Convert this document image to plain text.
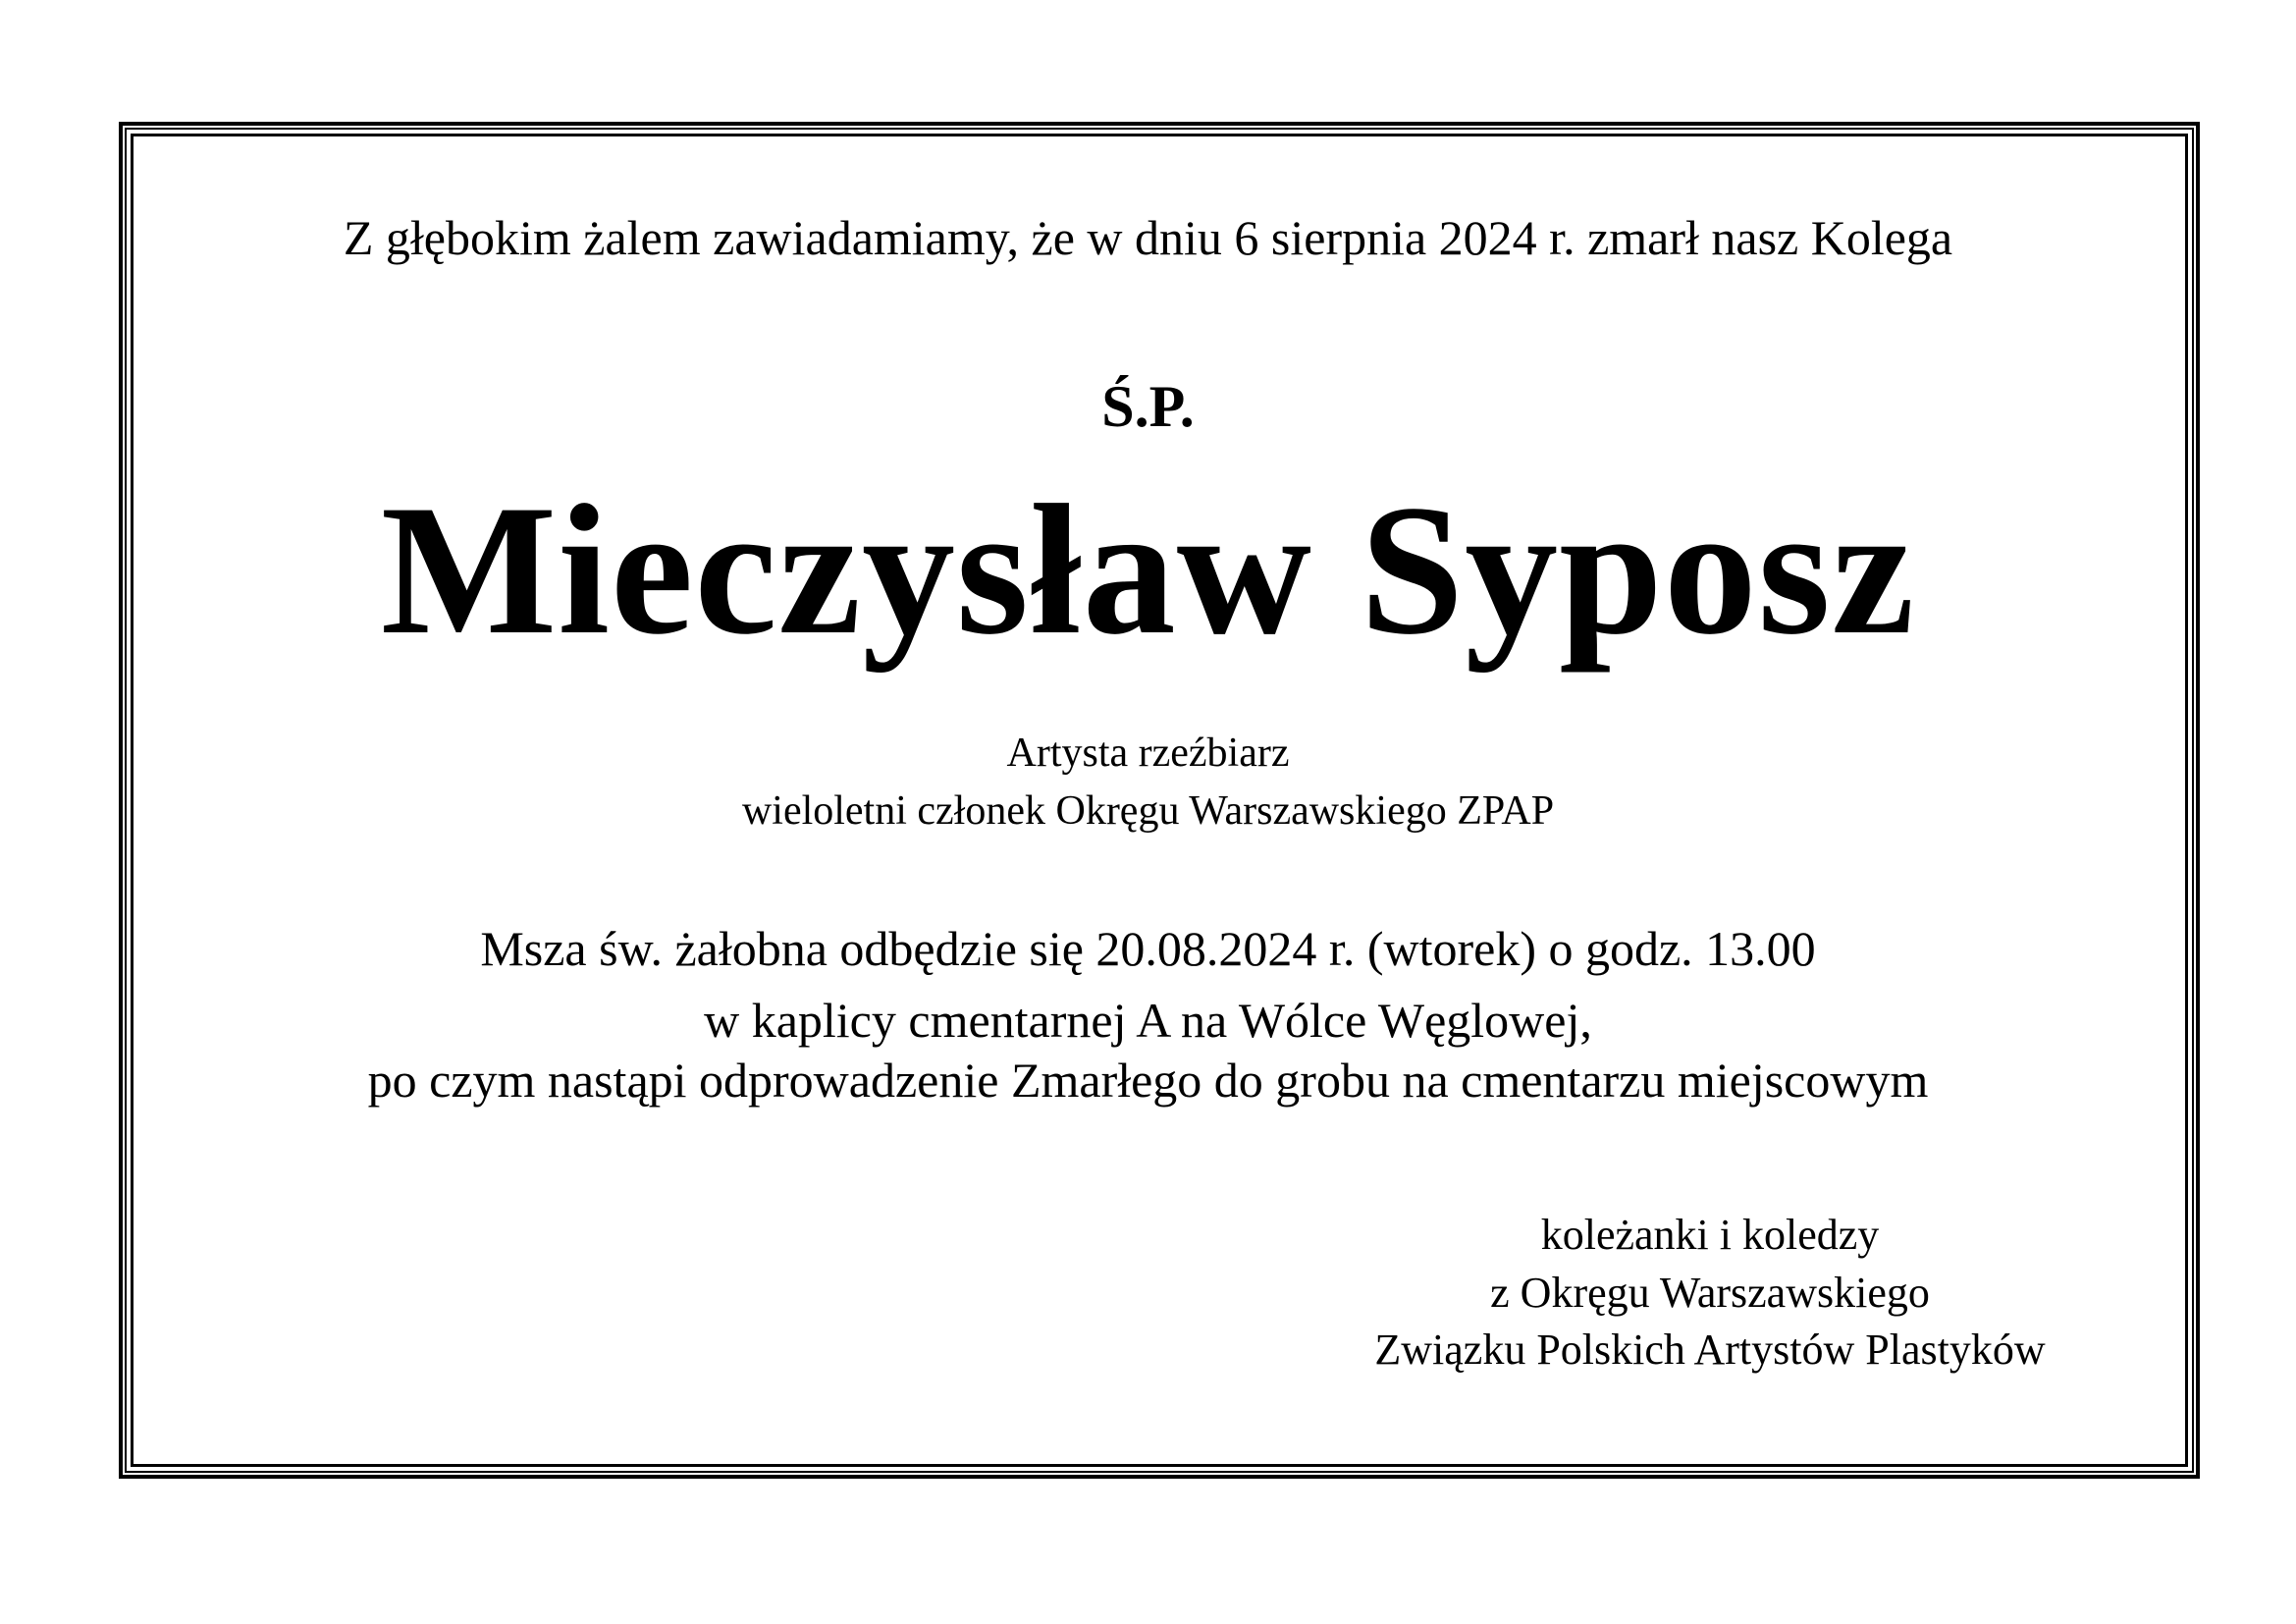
Z głębokim żalem zawiadamiamy, że w dniu 6 sierpnia 2024 r. zmarł nasz Kolega
Ś.P.
Mieczysław Syposz
Artysta rzeźbiarz
wieloletni członek Okręgu Warszawskiego ZPAP
Msza św. żałobna odbędzie się 20.08.2024 r. (wtorek) o godz. 13.00
w kaplicy cmentarnej A na Wólce Węglowej,
po czym nastąpi odprowadzenie Zmarłego do grobu na cmentarzu miejscowym
koleżanki i koledzy
z Okręgu Warszawskiego
Związku Polskich Artystów Plastyków
